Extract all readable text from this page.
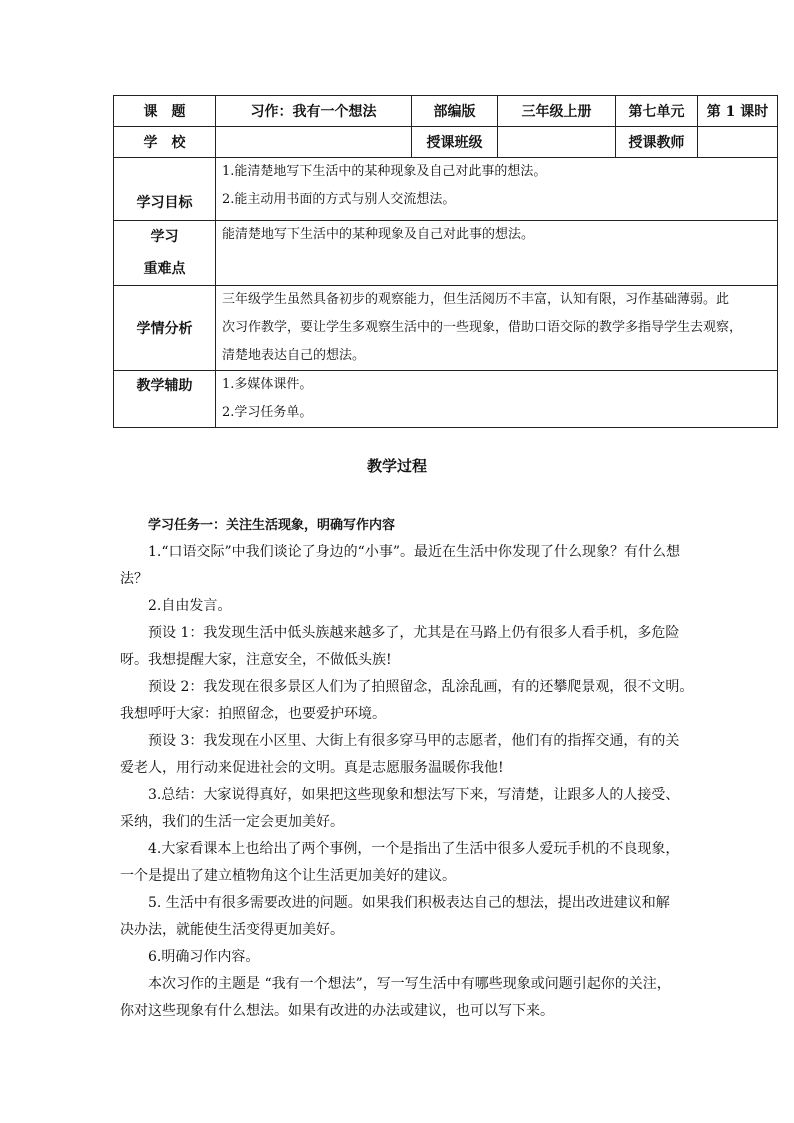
课　题	习作：我有一个想法	部编版	三年级上册	第七单元	第 1 课时
学　校		授课班级		授课教师	
学习目标	1.能清楚地写下生活中的某种现象及自己对此事的想法。
2.能主动用书面的方式与别人交流想法。				

学习
重难点	能清楚地写下生活中的某种现象及自己对此事的想法。				

学情分析	三年级学生虽然具备初步的观察能力，但生活阅历不丰富，认知有限，习作基础薄弱。此
次习作教学，要让学生多观察生活中的一些现象，借助口语交际的教学多指导学生去观察，
清楚地表达自己的想法。				

教学辅助	1.多媒体课件。
2.学习任务单。				
教学过程
学习任务一：关注生活现象，明确写作内容

1.“口语交际”中我们谈论了身边的“小事”。最近在生活中你发现了什么现象？有什么想

法？

2.自由发言。

预设 1：我发现生活中低头族越来越多了，尤其是在马路上仍有很多人看手机，多危险

呀。我想提醒大家，注意安全，不做低头族!

预设 2：我发现在很多景区人们为了拍照留念，乱涂乱画，有的还攀爬景观，很不文明。

我想呼吁大家：拍照留念，也要爱护环境。

预设 3：我发现在小区里、大街上有很多穿马甲的志愿者，他们有的指挥交通，有的关

爱老人，用行动来促进社会的文明。真是志愿服务温暖你我他!

3.总结：大家说得真好，如果把这些现象和想法写下来，写清楚，让跟多人的人接受、

采纳，我们的生活一定会更加美好。

4.大家看课本上也给出了两个事例，一个是指出了生活中很多人爱玩手机的不良现象，

一个是提出了建立植物角这个让生活更加美好的建议。

5. 生活中有很多需要改进的问题。如果我们积极表达自己的想法，提出改进建议和解

决办法，就能使生活变得更加美好。

6.明确习作内容。

本次习作的主题是 “我有一个想法”，写一写生活中有哪些现象或问题引起你的关注，

你对这些现象有什么想法。如果有改进的办法或建议，也可以写下来。
